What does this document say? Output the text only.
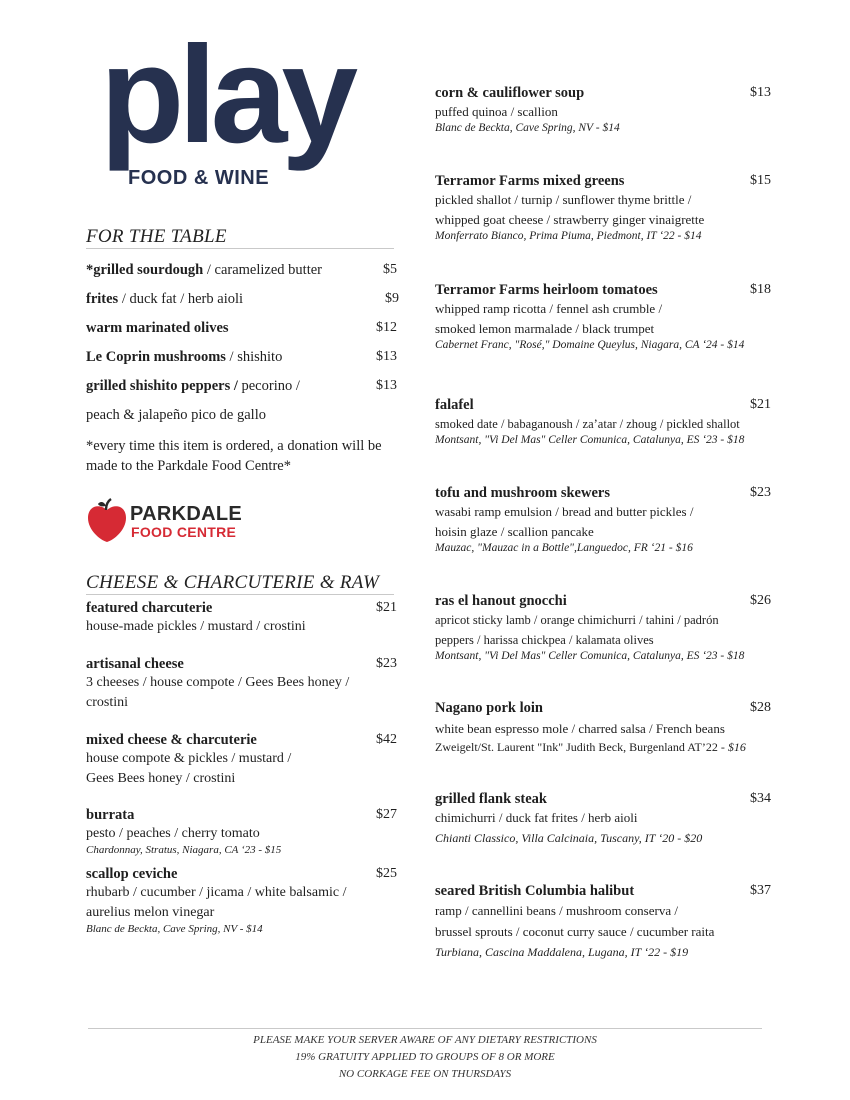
play
FOOD & WINE
FOR THE TABLE
*grilled sourdough / caramelized butter	$5
frites / duck fat / herb aioli	$9
warm marinated olives	$12
Le Coprin mushrooms / shishito	$13
grilled shishito peppers / pecorino /	$13
peach & jalapeño pico de gallo
*every time this item is ordered, a donation will be made to the Parkdale Food Centre*
PARKDALE
FOOD CENTRE
CHEESE & CHARCUTERIE & RAW
featured charcuterie	$21
house-made pickles / mustard / crostini
artisanal cheese	$23
3 cheeses / house compote / Gees Bees honey /
crostini
mixed cheese & charcuterie	$42
house compote & pickles / mustard /
Gees Bees honey / crostini
burrata	$27
pesto / peaches / cherry tomato
Chardonnay, Stratus, Niagara, CA ‘23 - $15
scallop ceviche	$25
rhubarb / cucumber / jicama / white balsamic /
aurelius melon vinegar
Blanc de Beckta, Cave Spring, NV - $14
corn & cauliflower soup	$13
puffed quinoa / scallion
Blanc de Beckta, Cave Spring, NV - $14
Terramor Farms mixed greens	$15
pickled shallot / turnip / sunflower thyme brittle /
whipped goat cheese / strawberry ginger vinaigrette
Monferrato Bianco, Prima Piuma, Piedmont, IT ‘22 - $14
Terramor Farms heirloom tomatoes	$18
whipped ramp ricotta / fennel ash crumble /
smoked lemon marmalade / black trumpet
Cabernet Franc, "Rosé," Domaine Queylus, Niagara, CA ‘24 - $14
falafel	$21
smoked date / babaganoush / za’atar / zhoug / pickled shallot
Montsant, "Vi Del Mas" Celler Comunica, Catalunya, ES ‘23 - $18
tofu and mushroom skewers	$23
wasabi ramp emulsion / bread and butter pickles /
hoisin glaze / scallion pancake
Mauzac, "Mauzac in a Bottle",Languedoc, FR ‘21 - $16
ras el hanout gnocchi	$26
apricot sticky lamb / orange chimichurri / tahini / padrón
peppers / harissa chickpea / kalamata olives
Montsant, "Vi Del Mas" Celler Comunica, Catalunya, ES ‘23 - $18
Nagano pork loin	$28
white bean espresso mole / charred salsa / French beans
Zweigelt/St. Laurent "Ink" Judith Beck, Burgenland AT’22 - $16
grilled flank steak	$34
chimichurri / duck fat frites / herb aioli
Chianti Classico, Villa Calcinaia, Tuscany, IT ‘20 - $20
seared British Columbia halibut	$37
ramp / cannellini beans / mushroom conserva /
brussel sprouts / coconut curry sauce / cucumber raita
Turbiana, Cascina Maddalena, Lugana, IT ‘22 - $19
PLEASE MAKE YOUR SERVER AWARE OF ANY DIETARY RESTRICTIONS
19% GRATUITY APPLIED TO GROUPS OF 8 OR MORE
NO CORKAGE FEE ON THURSDAYS
